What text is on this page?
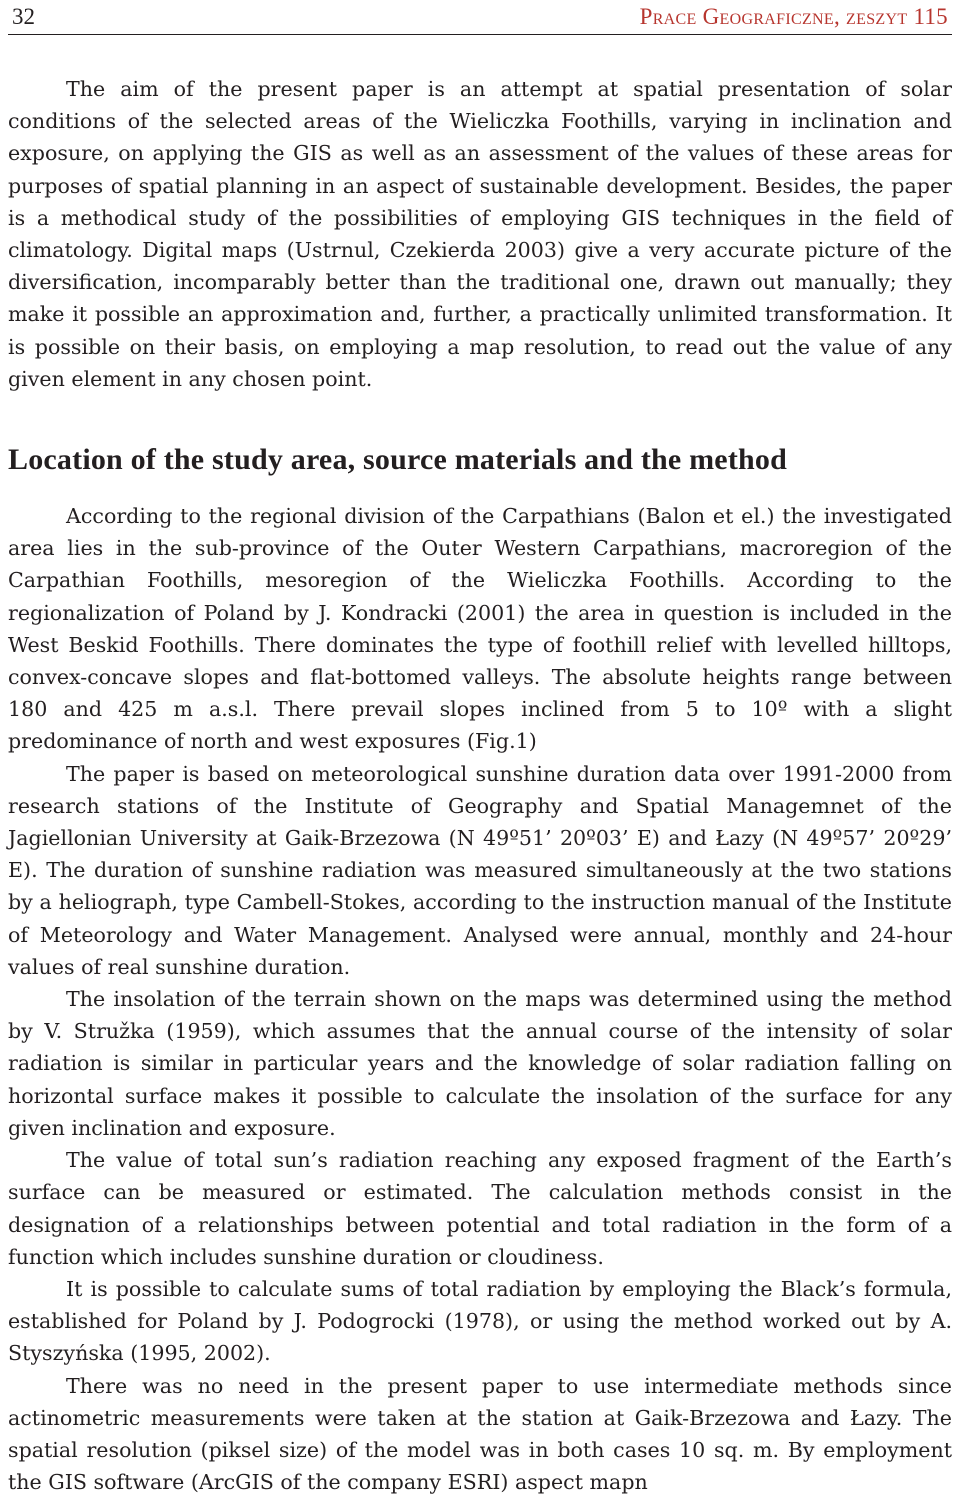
32	Prace Geograficzne, zeszyt 115

The aim of the present paper is an attempt at spatial presentation of solar conditions of the selected areas of the Wieliczka Foothills, varying in inclination and exposure, on applying the GIS as well as an assessment of the values of these areas for purposes of spatial planning in an aspect of sustainable development. Besides, the paper is a methodical study of the possibilities of employing GIS techniques in the field of climatology. Digital maps (Ustrnul, Czekierda 2003) give a very accurate picture of the diversification, incomparably better than the traditional one, drawn out manually; they make it possible an approximation and, further, a practically unlimited transformation. It is possible on their basis, on employing a map resolution, to read out the value of any given element in any chosen point.

Location of the study area, source materials and the method

According to the regional division of the Carpathians (Balon et el.) the investigated area lies in the sub-province of the Outer Western Carpathians, macroregion of the Carpathian Foothills, mesoregion of the Wieliczka Foothills. According to the regionalization of Poland by J. Kondracki (2001) the area in question is included in the West Beskid Foothills. There dominates the type of foothill relief with levelled hilltops, convex-concave slopes and flat-bottomed valleys. The absolute heights range between 180 and 425 m a.s.l. There prevail slopes inclined from 5 to 10º with a slight predominance of north and west exposures (Fig.1)

The paper is based on meteorological sunshine duration data over 1991-2000 from research stations of the Institute of Geography and Spatial Managemnet of the Jagiellonian University at Gaik-Brzezowa (N 49º51’ 20º03’ E) and Łazy (N 49º57’ 20º29’ E). The duration of sunshine radiation was measured simultaneously at the two stations by a heliograph, type Cambell-Stokes, according to the instruction manual of the Institute of Meteorology and Water Management. Analysed were annual, monthly and 24-hour values of real sunshine duration.

The insolation of the terrain shown on the maps was determined using the method by V. Stružka (1959), which assumes that the annual course of the intensity of solar radiation is similar in particular years and the knowledge of solar radiation falling on horizontal surface makes it possible to calculate the insolation of the surface for any given inclination and exposure.

The value of total sun’s radiation reaching any exposed fragment of the Earth’s surface can be measured or estimated. The calculation methods consist in the designation of a relationships between potential and total radiation in the form of a function which includes sunshine duration or cloudiness.

It is possible to calculate sums of total radiation by employing the Black’s formula, established for Poland by J. Podogrocki (1978), or using the method worked out by A. Styszyńska (1995, 2002).

There was no need in the present paper to use intermediate methods since actinometric measurements were taken at the station at Gaik-Brzezowa and Łazy. The spatial resolution (piksel size) of the model was in both cases 10 sq. m. By employment the GIS software (ArcGIS of the company ESRI) aspect mapn
